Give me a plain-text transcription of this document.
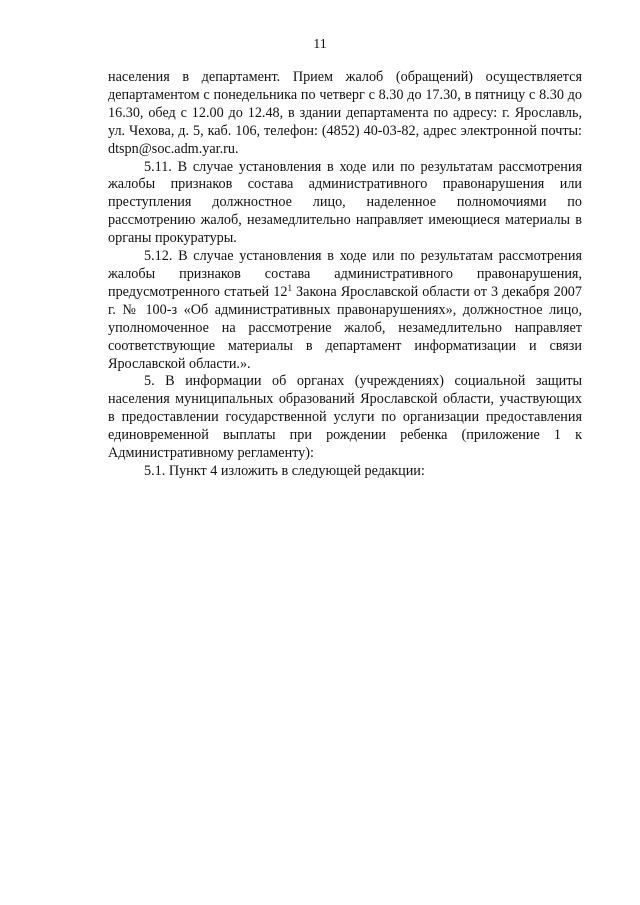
11

населения в департамент. Прием жалоб (обращений) осуществляется департаментом с понедельника по четверг с 8.30 до 17.30, в пятницу с 8.30 до 16.30, обед с 12.00 до 12.48, в здании департамента по адресу: г. Ярославль, ул. Чехова, д. 5, каб. 106, телефон: (4852) 40-03-82, адрес электронной почты: dtspn@soc.adm.yar.ru.

5.11. В случае установления в ходе или по результатам рассмотрения жалобы признаков состава административного правонарушения или преступления должностное лицо, наделенное полномочиями по рассмотрению жалоб, незамедлительно направляет имеющиеся материалы в органы прокуратуры.

5.12. В случае установления в ходе или по результатам рассмотрения жалобы признаков состава административного правонарушения, предусмотренного статьей $12^1$ Закона Ярославской области от 3 декабря 2007 г. № 100-з «Об административных правонарушениях», должностное лицо, уполномоченное на рассмотрение жалоб, незамедлительно направляет соответствующие материалы в департамент информатизации и связи Ярославской области.».

5. В информации об органах (учреждениях) социальной защиты населения муниципальных образований Ярославской области, участвующих в предоставлении государственной услуги по организации предоставления единовременной выплаты при рождении ребенка (приложение 1 к Административному регламенту):

5.1. Пункт 4 изложить в следующей редакции:
